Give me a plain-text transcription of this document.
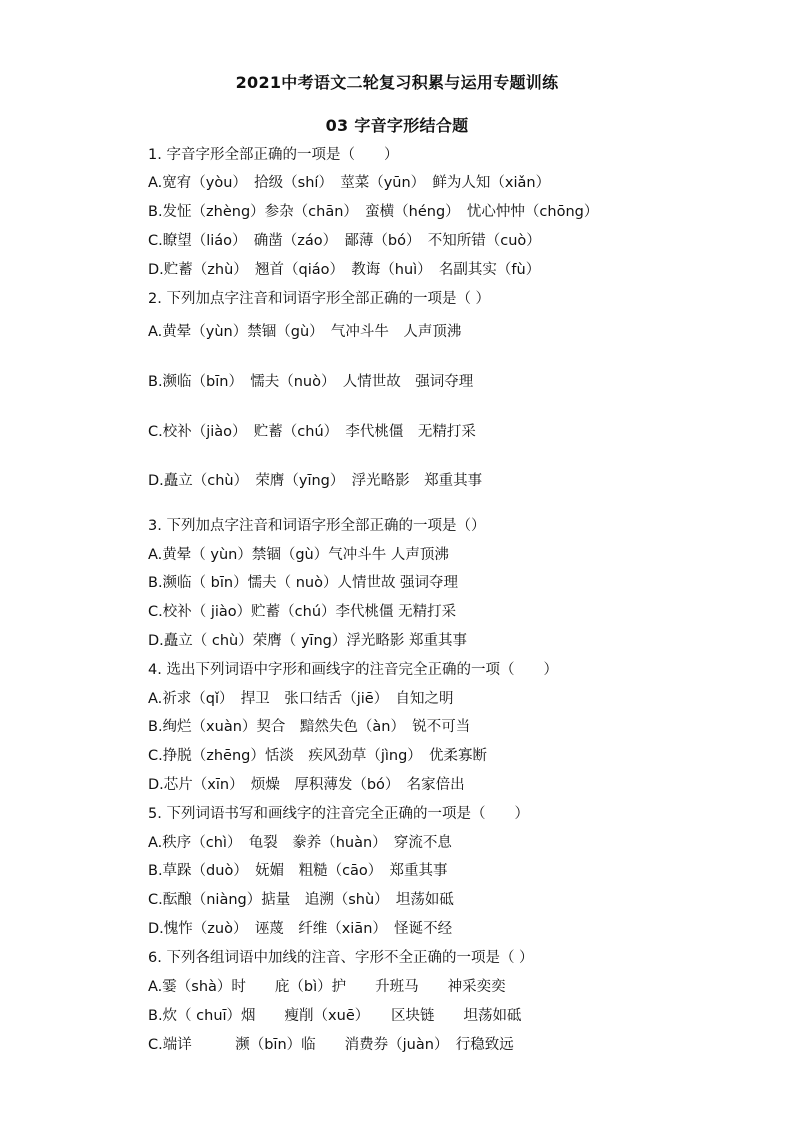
2021中考语文二轮复习积累与运用专题训练
03 字音字形结合题
1. 字音字形全部正确的一项是（　　）
A.宽宥（yòu）　拾级（shí）　莖菜（yūn）　鲜为人知（xiǎn）
B.发怔（zhèng）参杂（chān）　蛮横（héng）　忧心忡忡（chōng）
C.瞭望（liáo）　确凿（záo）　鄙薄（bó）　不知所错（cuò）
D.贮蓄（zhù）　翘首（qiáo）　教诲（huì）　名副其实（fù）
2. 下列加点字注音和词语字形全部正确的一项是（ ）
A.黄晕（yùn）禁锢（gù）　气冲斗牛　人声顶沸
B.濒临（bīn）　懦夫（nuò）　人情世故　强词夺理
C.校补（jiào）　贮蓄（chú）　李代桃僵　无精打采
D.矗立（chù）　荣膺（yīng）　浮光略影　郑重其事
3. 下列加点字注音和词语字形全部正确的一项是（）
A.黄晕（ yùn）禁锢（gù）气冲斗牛 人声顶沸
B.濒临（ bīn）懦夫（ nuò）人情世故 强词夺理
C.校补（ jiào）贮蓄（chú）李代桃僵 无精打采
D.矗立（ chù）荣膺（ yīng）浮光略影 郑重其事
4. 选出下列词语中字形和画线字的注音完全正确的一项（　　）
A.祈求（qǐ）　捍卫　张口结舌（jiē）　自知之明
B.绚烂（xuàn）契合　黯然失色（àn）　锐不可当
C.挣脱（zhēng）恬淡　疾风劲草（jìng）　优柔寡断
D.芯片（xīn）　烦燥　厚积薄发（bó）　名家倍出
5. 下列词语书写和画线字的注音完全正确的一项是（　　）
A.秩序（chì）　龟裂　豢养（huàn）　穿流不息
B.草跺（duò）　妩媚　粗糙（cāo）　郑重其事
C.酝酿（niàng）掂量　追溯（shù）　坦荡如砥
D.愧怍（zuò）　诬蔑　纤维（xiān）　怪诞不经
6. 下列各组词语中加线的注音、字形不全正确的一项是（ ）
A.霎（shà）时　　庇（bì）护　　升班马　　神采奕奕
B.炊（ chuī）烟　　瘦削（xuē）　　区块链　　坦荡如砥
C.端详　　　濒（bīn）临　　消费券（juàn）　行稳致远
